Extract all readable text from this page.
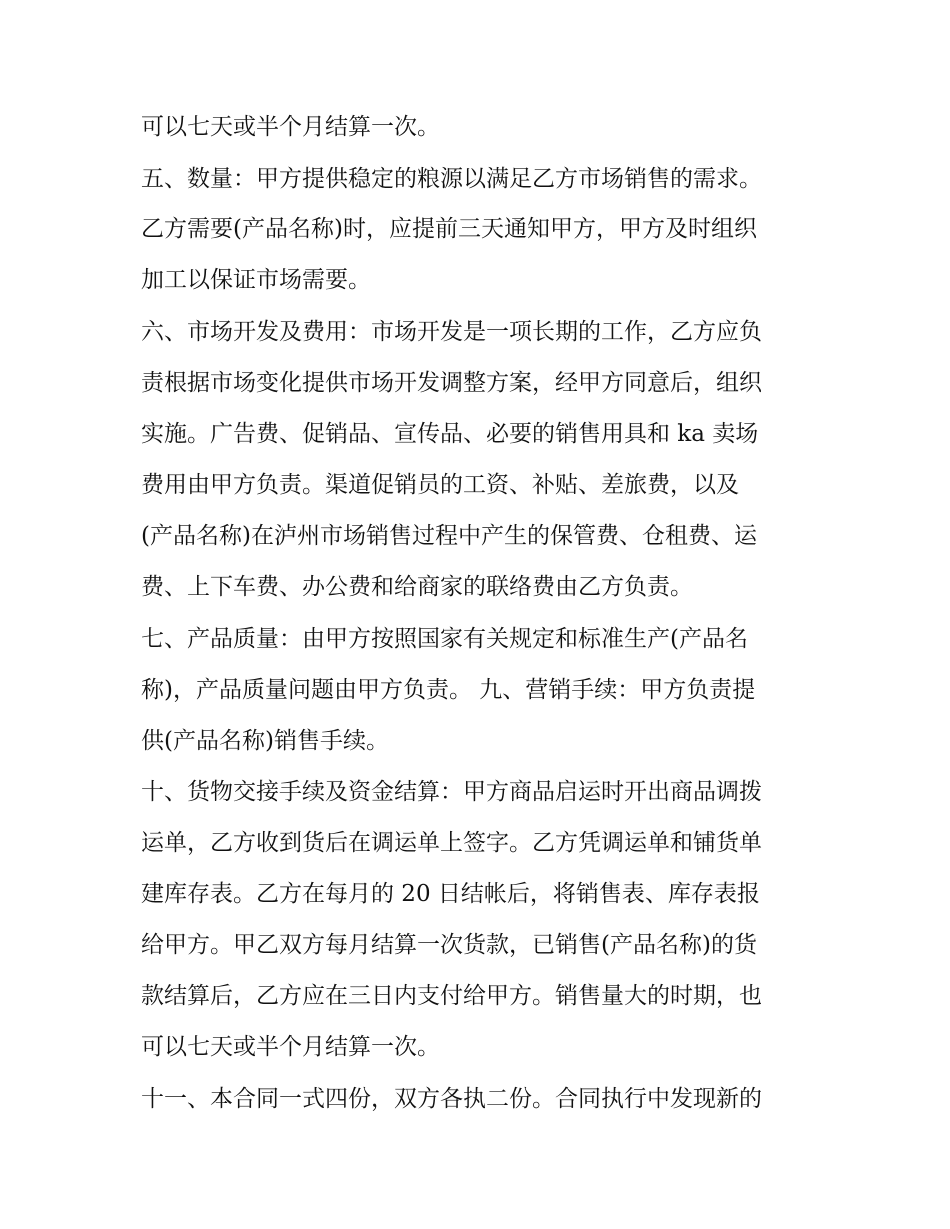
可以七天或半个月结算一次。
五、数量：甲方提供稳定的粮源以满足乙方市场销售的需求。
乙方需要(产品名称)时，应提前三天通知甲方，甲方及时组织
加工以保证市场需要。
六、市场开发及费用：市场开发是一项长期的工作，乙方应负
责根据市场变化提供市场开发调整方案，经甲方同意后，组织
实施。广告费、促销品、宣传品、必要的销售用具和 ka 卖场
费用由甲方负责。渠道促销员的工资、补贴、差旅费，以及
(产品名称)在泸州市场销售过程中产生的保管费、仓租费、运
费、上下车费、办公费和给商家的联络费由乙方负责。
七、产品质量：由甲方按照国家有关规定和标准生产(产品名
称)，产品质量问题由甲方负责。 九、营销手续：甲方负责提
供(产品名称)销售手续。
十、货物交接手续及资金结算：甲方商品启运时开出商品调拨
运单，乙方收到货后在调运单上签字。乙方凭调运单和铺货单
建库存表。乙方在每月的 20 日结帐后，将销售表、库存表报
给甲方。甲乙双方每月结算一次货款，已销售(产品名称)的货
款结算后，乙方应在三日内支付给甲方。销售量大的时期，也
可以七天或半个月结算一次。
十一、本合同一式四份，双方各执二份。合同执行中发现新的
